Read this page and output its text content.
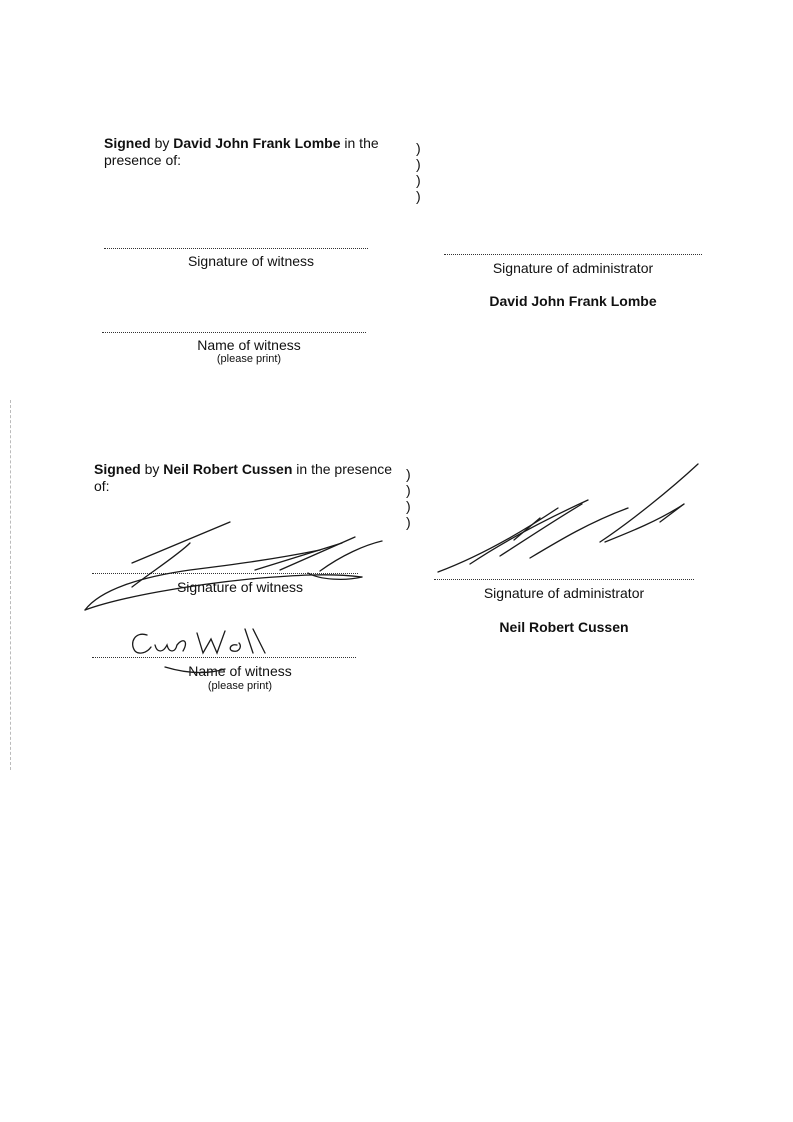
Signed by David John Frank Lombe in the
presence of:
)
)
)
)
Signature of witness	Signature of administrator
David John Frank Lombe
Name of witness
(please print)
Signed by Neil Robert Cussen in the presence
of:
)
)
)
)
Signature of witness
Name of witness
(please print)
Signature of administrator
Neil Robert Cussen
